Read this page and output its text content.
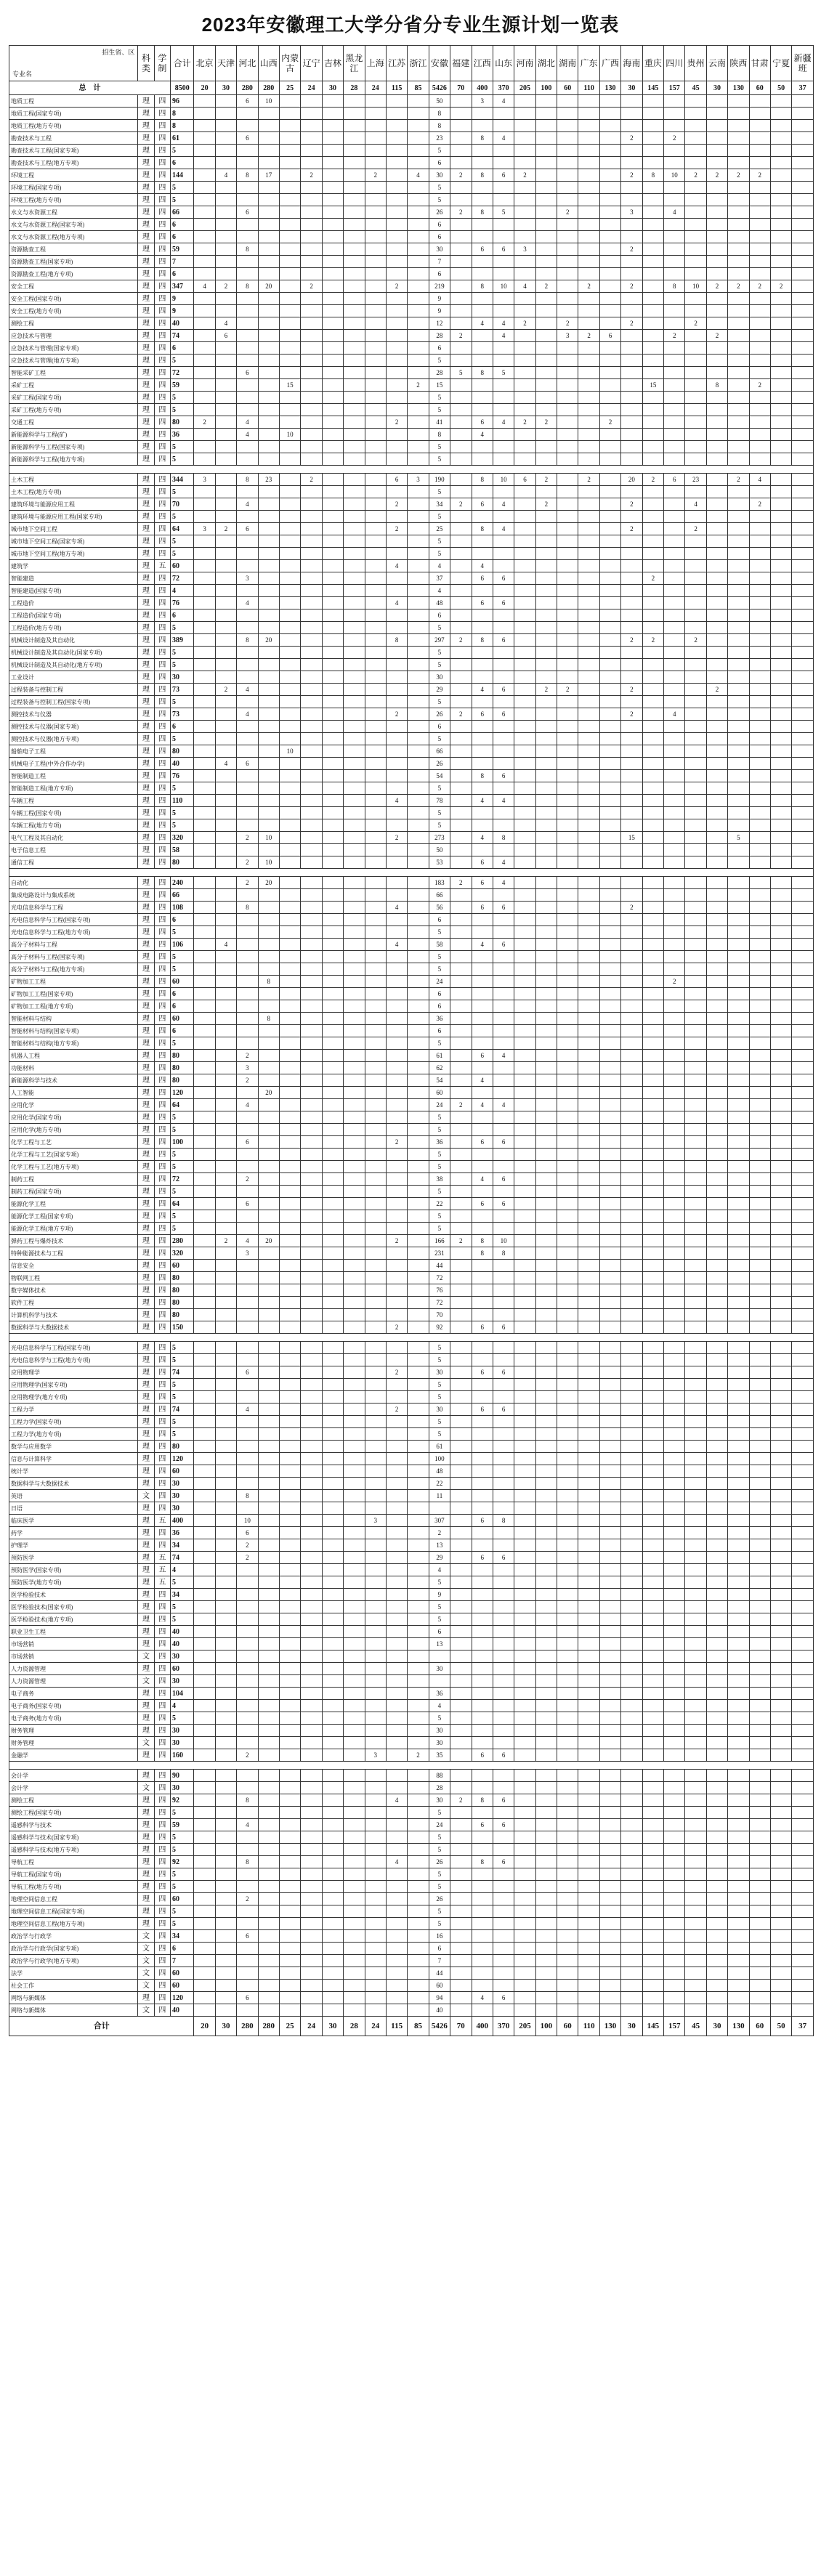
2023年安徽理工大学分省分专业生源计划一览表
招生省、区
专业名	科类	学制	合计	北京	天津	河北	山西	内蒙古	辽宁	吉林	黑龙江	上海	江苏	浙江	安徽	福建	江西	山东	河南	湖北	湖南	广东	广西	海南	重庆	四川	贵州	云南	陕西	甘肃	宁夏	新疆班
总　计			8500	20	30	280	280	25	24	30	28	24	115	85	5426	70	400	370	205	100	60	110	130	30	145	157	45	30	130	60	50	37
地质工程	理	四	96			6	10								50		3	4														
地质工程(国家专项)	理	四	8												8																	
地质工程(地方专项)	理	四	8												8																	
勘查技术与工程	理	四	61			6									23		8	4						2		2						
勘查技术与工程(国家专项)	理	四	5												5																	
勘查技术与工程(地方专项)	理	四	6												6																	
环境工程	理	四	144		4	8	17		2			2		4	30	2	8	6	2					2	8	10	2	2	2	2		
环境工程(国家专项)	理	四	5												5																	
环境工程(地方专项)	理	四	5												5																	
水文与水资源工程	理	四	66			6									26	2	8	5			2			3		4						
水文与水资源工程(国家专项)	理	四	6												6																	
水文与水资源工程(地方专项)	理	四	6												6																	
资源勘查工程	理	四	59			8									30		6	6	3					2								
资源勘查工程(国家专项)	理	四	7												7																	
资源勘查工程(地方专项)	理	四	6												6																	
安全工程	理	四	347	4	2	8	20		2				2		219		8	10	4	2		2		2		8	10	2	2	2	2	
安全工程(国家专项)	理	四	9												9																	
安全工程(地方专项)	理	四	9												9																	
测绘工程	理	四	40		4										12		4	4	2		2			2			2					
应急技术与管理	理	四	74		6										28	2		4			3	2	6			2		2				
应急技术与管理(国家专项)	理	四	6												6																	
应急技术与管理(地方专项)	理	四	5												5																	
智能采矿工程	理	四	72			6									28	5	8	5														
采矿工程	理	四	59					15						2	15										15			8		2		
采矿工程(国家专项)	理	四	5												5																	
采矿工程(地方专项)	理	四	5												5																	
交通工程	理	四	80	2		4							2		41		6	4	2	2			2									
新能源科学与工程(矿)	理	四	36			4		10							8		4															
新能源科学与工程(国家专项)	理	四	5												5																	
新能源科学与工程(地方专项)	理	四	5												5																	

土木工程	理	四	344	3		8	23		2				6	3	190		8	10	6	2		2		20	2	6	23		2	4		
土木工程(地方专项)	理	四	5												5																	
建筑环境与能源应用工程	理	四	70			4							2		34	2	6	4		2				2			4			2		
建筑环境与能源应用工程(国家专项)	理	四	5												5																	
城市地下空间工程	理	四	64	3	2	6							2		25		8	4						2			2					
城市地下空间工程(国家专项)	理	四	5												5																	
城市地下空间工程(地方专项)	理	四	5												5																	
建筑学	理	五	60										4		4		4															
智能建造	理	四	72			3									37		6	6							2							
智能建造(国家专项)	理	四	4												4																	
工程造价	理	四	76			4							4		48		6	6														
工程造价(国家专项)	理	四	6												6																	
工程造价(地方专项)	理	四	5												5																	
机械设计制造及其自动化	理	四	389			8	20						8		297	2	8	6						2	2		2					
机械设计制造及其自动化(国家专项)	理	四	5												5																	
机械设计制造及其自动化(地方专项)	理	四	5												5																	
工业设计	理	四	30												30																	
过程装备与控制工程	理	四	73		2	4									29		4	6		2	2			2				2				
过程装备与控制工程(国家专项)	理	四	5												5																	
测控技术与仪器	理	四	73			4							2		26	2	6	6						2		4						
测控技术与仪器(国家专项)	理	四	6												6																	
测控技术与仪器(地方专项)	理	四	5												5																	
船舶电子工程	理	四	80					10							66																	
机械电子工程(中外合作办学)	理	四	40		4	6									26																	
智能制造工程	理	四	76												54		8	6														
智能制造工程(地方专项)	理	四	5												5																	
车辆工程	理	四	110										4		78		4	4														
车辆工程(国家专项)	理	四	5												5																	
车辆工程(地方专项)	理	四	5												5																	
电气工程及其自动化	理	四	320			2	10						2		273		4	8						15					5			
电子信息工程	理	四	58												50																	
通信工程	理	四	80			2	10								53		6	4														

自动化	理	四	240			2	20								183	2	6	4														
集成电路设计与集成系统	理	四	66												66																	
光电信息科学与工程	理	四	108			8							4		56		6	6						2								
光电信息科学与工程(国家专项)	理	四	6												6																	
光电信息科学与工程(地方专项)	理	四	5												5																	
高分子材料与工程	理	四	106		4								4		58		4	6														
高分子材料与工程(国家专项)	理	四	5												5																	
高分子材料与工程(地方专项)	理	四	5												5																	
矿物加工工程	理	四	60				8								24											2						
矿物加工工程(国家专项)	理	四	6												6																	
矿物加工工程(地方专项)	理	四	6												6																	
智能材料与结构	理	四	60				8								36																	
智能材料与结构(国家专项)	理	四	6												6																	
智能材料与结构(地方专项)	理	四	5												5																	
机器人工程	理	四	80			2									61		6	4														
功能材料	理	四	80			3									62																	
新能源科学与技术	理	四	80			2									54		4															
人工智能	理	四	120				20								60																	
应用化学	理	四	64			4									24	2	4	4														
应用化学(国家专项)	理	四	5												5																	
应用化学(地方专项)	理	四	5												5																	
化学工程与工艺	理	四	100			6							2		36		6	6														
化学工程与工艺(国家专项)	理	四	5												5																	
化学工程与工艺(地方专项)	理	四	5												5																	
制药工程	理	四	72			2									38		4	6														
制药工程(国家专项)	理	四	5												5																	
能源化学工程	理	四	64			6									22		6	6														
能源化学工程(国家专项)	理	四	5												5																	
能源化学工程(地方专项)	理	四	5												5																	
弹药工程与爆炸技术	理	四	280		2	4	20						2		166	2	8	10														
特种能源技术与工程	理	四	320			3									231		8	8														
信息安全	理	四	60												44																	
物联网工程	理	四	80												72																	
数字媒体技术	理	四	80												76																	
软件工程	理	四	80												72																	
计算机科学与技术	理	四	80												70																	
数据科学与大数据技术	理	四	150										2		92		6	6														

光电信息科学与工程(国家专项)	理	四	5												5																	
光电信息科学与工程(地方专项)	理	四	5												5																	
应用物理学	理	四	74			6							2		30		6	6														
应用物理学(国家专项)	理	四	5												5																	
应用物理学(地方专项)	理	四	5												5																	
工程力学	理	四	74			4							2		30		6	6														
工程力学(国家专项)	理	四	5												5																	
工程力学(地方专项)	理	四	5												5																	
数学与应用数学	理	四	80												61																	
信息与计算科学	理	四	120												100																	
统计学	理	四	60												48																	
数据科学与大数据技术	理	四	30												22																	
英语	文	四	30			8									11																	
日语	理	四	30																													
临床医学	理	五	400			10						3			307		6	8														
药学	理	四	36			6									2																	
护理学	理	四	34			2									13																	
预防医学	理	五	74			2									29		6	6														
预防医学(国家专项)	理	五	4												4																	
预防医学(地方专项)	理	五	5												5																	
医学检验技术	理	四	34												9																	
医学检验技术(国家专项)	理	四	5												5																	
医学检验技术(地方专项)	理	四	5												5																	
职业卫生工程	理	四	40												6																	
市场营销	理	四	40												13																	
市场营销	文	四	30																													
人力资源管理	理	四	60												30																	
人力资源管理	文	四	30																													
电子商务	理	四	104												36																	
电子商务(国家专项)	理	四	4												4																	
电子商务(地方专项)	理	四	5												5																	
财务管理	理	四	30												30																	
财务管理	文	四	30												30																	
金融学	理	四	160			2						3		2	35		6	6														

会计学	理	四	90												88																	
会计学	文	四	30												28																	
测绘工程	理	四	92			8							4		30	2	8	6														
测绘工程(国家专项)	理	四	5												5																	
遥感科学与技术	理	四	59			4									24		6	6														
遥感科学与技术(国家专项)	理	四	5												5																	
遥感科学与技术(地方专项)	理	四	5												5																	
导航工程	理	四	92			8							4		26		8	6														
导航工程(国家专项)	理	四	5												5																	
导航工程(地方专项)	理	四	5												5																	
地理空间信息工程	理	四	60			2									26																	
地理空间信息工程(国家专项)	理	四	5												5																	
地理空间信息工程(地方专项)	理	四	5												5																	
政治学与行政学	文	四	34			6									16																	
政治学与行政学(国家专项)	文	四	6												6																	
政治学与行政学(地方专项)	文	四	7												7																	
法学	文	四	60												44																	
社会工作	文	四	60												60																	
网络与新媒体	理	四	120			6									94		4	6														
网络与新媒体	文	四	40												40																	
合计				20	30	280	280	25	24	30	28	24	115	85	5426	70	400	370	205	100	60	110	130	30	145	157	45	30	130	60	50	37
